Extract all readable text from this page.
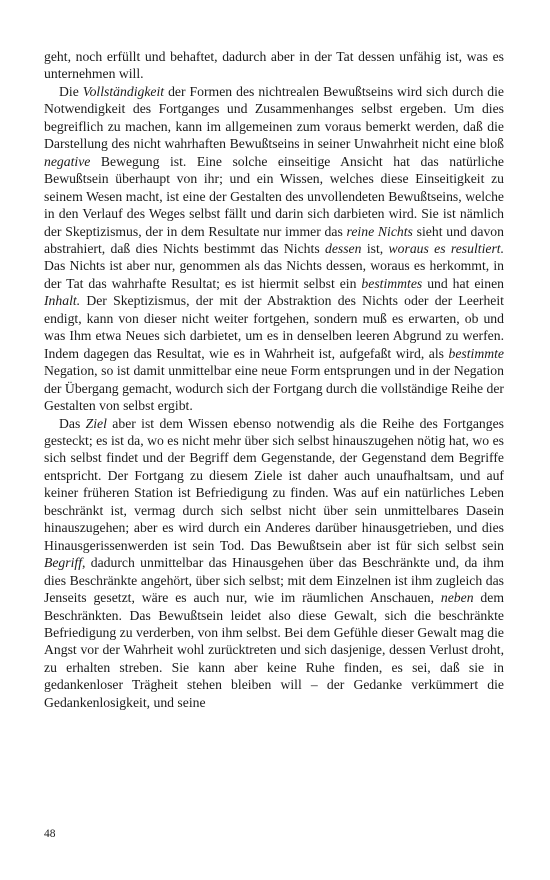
geht, noch erfüllt und behaftet, dadurch aber in der Tat dessen unfähig ist, was es unternehmen will.

Die Vollständigkeit der Formen des nichtrealen Bewußtseins wird sich durch die Notwendigkeit des Fortganges und Zusammenhanges selbst ergeben. Um dies begreiflich zu machen, kann im allgemeinen zum voraus bemerkt werden, daß die Darstellung des nicht wahrhaften Bewußtseins in seiner Unwahrheit nicht eine bloß negative Bewegung ist. Eine solche einseitige Ansicht hat das natürliche Bewußtsein überhaupt von ihr; und ein Wissen, welches diese Einseitigkeit zu seinem Wesen macht, ist eine der Gestalten des unvollendeten Bewußtseins, welche in den Verlauf des Weges selbst fällt und darin sich darbieten wird. Sie ist nämlich der Skeptizismus, der in dem Resultate nur immer das reine Nichts sieht und davon abstrahiert, daß dies Nichts bestimmt das Nichts dessen ist, woraus es resultiert. Das Nichts ist aber nur, genommen als das Nichts dessen, woraus es herkommt, in der Tat das wahrhafte Resultat; es ist hiermit selbst ein bestimmtes und hat einen Inhalt. Der Skeptizismus, der mit der Abstraktion des Nichts oder der Leerheit endigt, kann von dieser nicht weiter fortgehen, sondern muß es erwarten, ob und was Ihm etwa Neues sich darbietet, um es in denselben leeren Abgrund zu werfen. Indem dagegen das Resultat, wie es in Wahrheit ist, aufgefaßt wird, als bestimmte Negation, so ist damit unmittelbar eine neue Form entsprungen und in der Negation der Übergang gemacht, wodurch sich der Fortgang durch die vollständige Reihe der Gestalten von selbst ergibt.

Das Ziel aber ist dem Wissen ebenso notwendig als die Reihe des Fortganges gesteckt; es ist da, wo es nicht mehr über sich selbst hinauszugehen nötig hat, wo es sich selbst findet und der Begriff dem Gegenstande, der Gegenstand dem Begriffe entspricht. Der Fortgang zu diesem Ziele ist daher auch unaufhaltsam, und auf keiner früheren Station ist Befriedigung zu finden. Was auf ein natürliches Leben beschränkt ist, vermag durch sich selbst nicht über sein unmittelbares Dasein hinauszugehen; aber es wird durch ein Anderes darüber hinausgetrieben, und dies Hinausgerissenwerden ist sein Tod. Das Bewußtsein aber ist für sich selbst sein Begriff, dadurch unmittelbar das Hinausgehen über das Beschränkte und, da ihm dies Beschränkte angehört, über sich selbst; mit dem Einzelnen ist ihm zugleich das Jenseits gesetzt, wäre es auch nur, wie im räumlichen Anschauen, neben dem Beschränkten. Das Bewußtsein leidet also diese Gewalt, sich die beschränkte Befriedigung zu verderben, von ihm selbst. Bei dem Gefühle dieser Gewalt mag die Angst vor der Wahrheit wohl zurücktreten und sich dasjenige, dessen Verlust droht, zu erhalten streben. Sie kann aber keine Ruhe finden, es sei, daß sie in gedankenloser Trägheit stehen bleiben will – der Gedanke verkümmert die Gedankenlosigkeit, und seine

48
